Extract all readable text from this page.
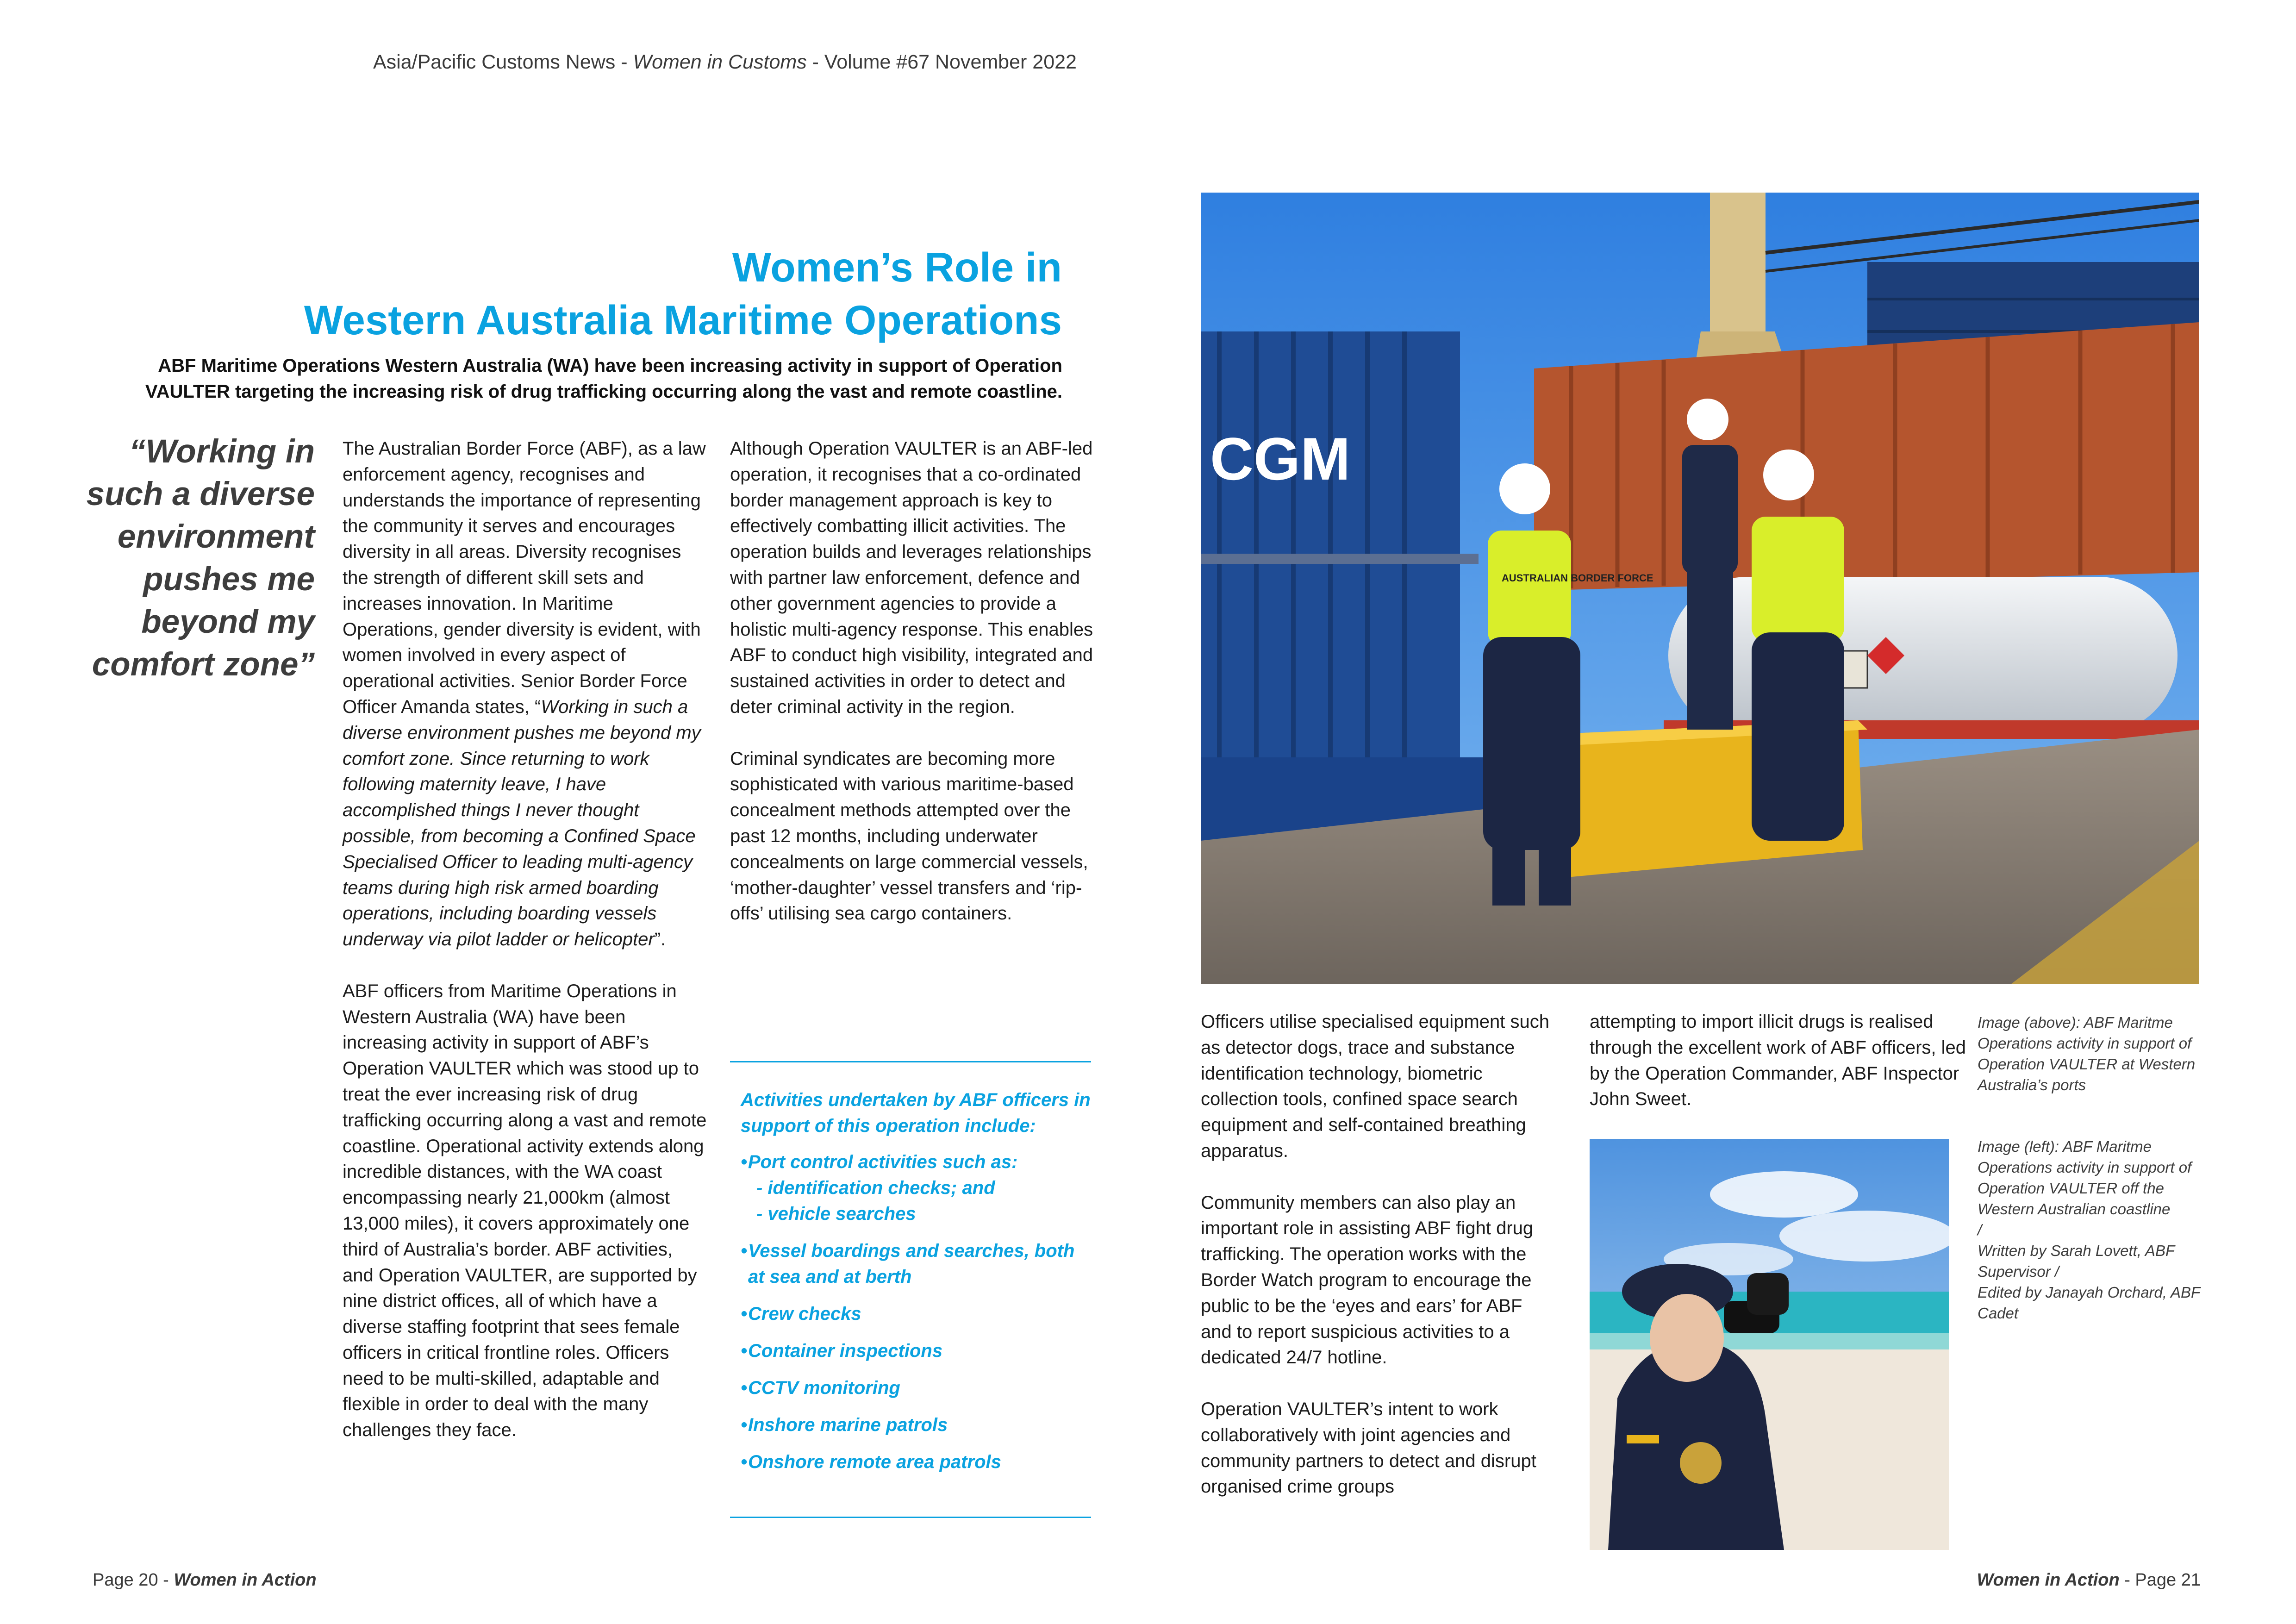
Asia/Pacific Customs News - Women in Customs - Volume #67 November 2022
Women’s Role in
Western Australia Maritime Operations
ABF Maritime Operations Western Australia (WA) have been increasing activity in support of Operation VAULTER targeting the increasing risk of drug trafficking occurring along the vast and remote coastline.
“Working in such a diverse environment pushes me beyond my comfort zone”

The Australian Border Force (ABF), as a law enforcement agency, recognises and understands the importance of representing the community it serves and encourages diversity in all areas. Diversity recognises the strength of different skill sets and increases innovation. In Maritime Operations, gender diversity is evident, with women involved in every aspect of operational activities. Senior Border Force Officer Amanda states, “Working in such a diverse environment pushes me beyond my comfort zone. Since returning to work following maternity leave, I have accomplished things I never thought possible, from becoming a Confined Space Specialised Officer to leading multi-agency teams during high risk armed boarding operations, including boarding vessels underway via pilot ladder or helicopter”.

ABF officers from Maritime Operations in Western Australia (WA) have been increasing activity in support of ABF’s Operation VAULTER which was stood up to treat the ever increasing risk of drug trafficking occurring along a vast and remote coastline. Operational activity extends along incredible distances, with the WA coast encompassing nearly 21,000km (almost 13,000 miles), it covers approximately one third of Australia’s border. ABF activities, and Operation VAULTER, are supported by nine district offices, all of which have a diverse staffing footprint that sees female officers in critical frontline roles. Officers need to be multi-skilled, adaptable and flexible in order to deal with the many challenges they face.

Although Operation VAULTER is an ABF-led operation, it recognises that a co-ordinated border management approach is key to effectively combatting illicit activities. The operation builds and leverages relationships with partner law enforcement, defence and other government agencies to provide a holistic multi-agency response. This enables ABF to conduct high visibility, integrated and sustained activities in order to detect and deter criminal activity in the region.

Criminal syndicates are becoming more sophisticated with various maritime-based concealment methods attempted over the past 12 months, including underwater concealments on large commercial vessels, ‘mother-daughter’ vessel transfers and ‘rip-offs’ utilising sea cargo containers.

Activities undertaken by ABF officers in support of this operation include:
• Port control activities such as:
- identification checks; and
- vehicle searches
• Vessel boardings and searches, both at sea and at berth
• Crew checks
• Container inspections
• CCTV monitoring
• Inshore marine patrols
• Onshore remote area patrols
CGM
AUSTRALIAN BORDER FORCE
Image (above): ABF Maritme Operations activity in support of Operation VAULTER at Western Australia’s ports
Image (left): ABF Maritme Operations activity in support of Operation VAULTER off the Western Australian coastline
/
Written by Sarah Lovett, ABF Supervisor /
Edited by Janayah Orchard, ABF Cadet

Officers utilise specialised equipment such as detector dogs, trace and substance identification technology, biometric collection tools, confined space search equipment and self-contained breathing apparatus.

Community members can also play an important role in assisting ABF fight drug trafficking. The operation works with the Border Watch program to encourage the public to be the ‘eyes and ears’ for ABF and to report suspicious activities to a dedicated 24/7 hotline.

Operation VAULTER’s intent to work collaboratively with joint agencies and community partners to detect and disrupt organised crime groups

attempting to import illicit drugs is realised through the excellent work of ABF officers, led by the Operation Commander, ABF Inspector John Sweet.

Page 20 - Women in Action	Women in Action - Page 21
